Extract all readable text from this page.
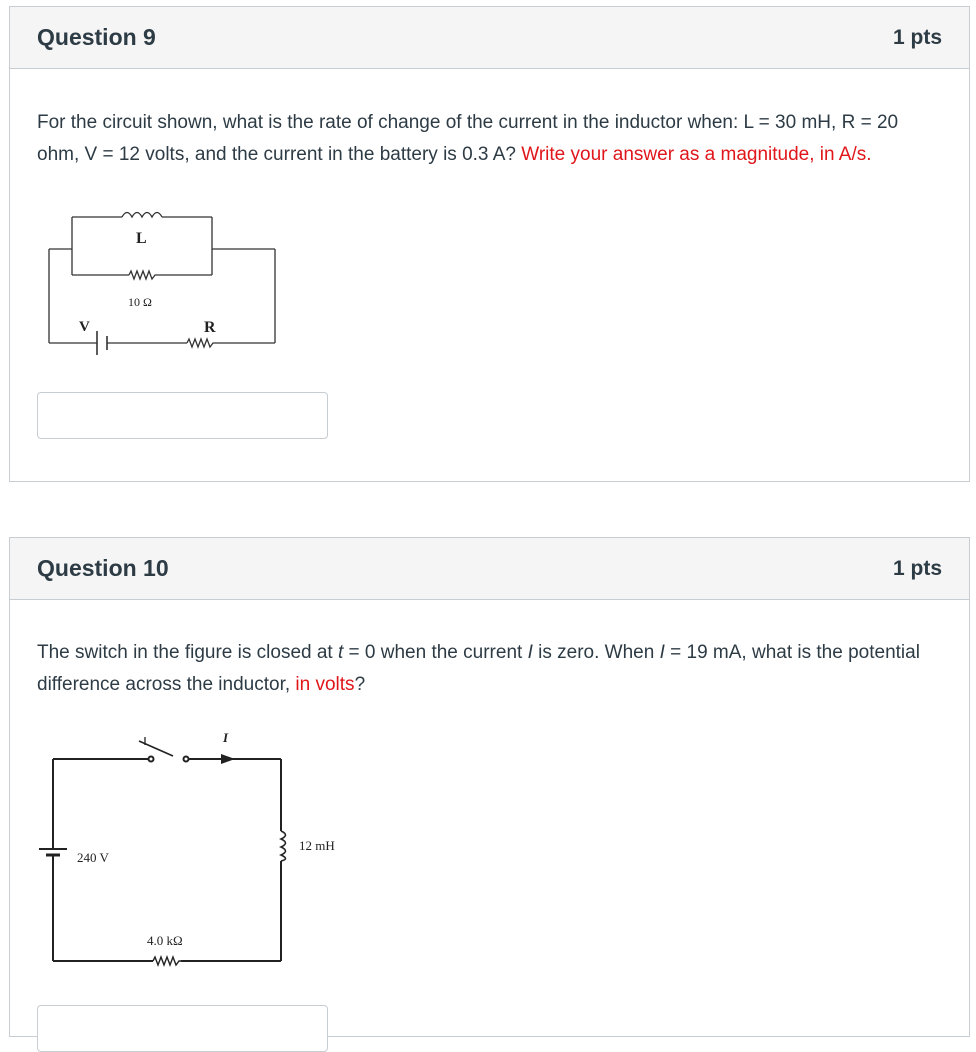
Question 9	1 pts

For the circuit shown, what is the rate of change of the current in the inductor when: L = 30 mH, R = 20 ohm, V = 12 volts, and the current in the battery is 0.3 A? Write your answer as a magnitude, in A/s.

L
10 Ω
V	R
Question 10	1 pts

The switch in the figure is closed at t = 0 when the current I is zero. When I = 19 mA, what is the potential difference across the inductor, in volts?

I
240 V
12 mH
4.0 kΩ
